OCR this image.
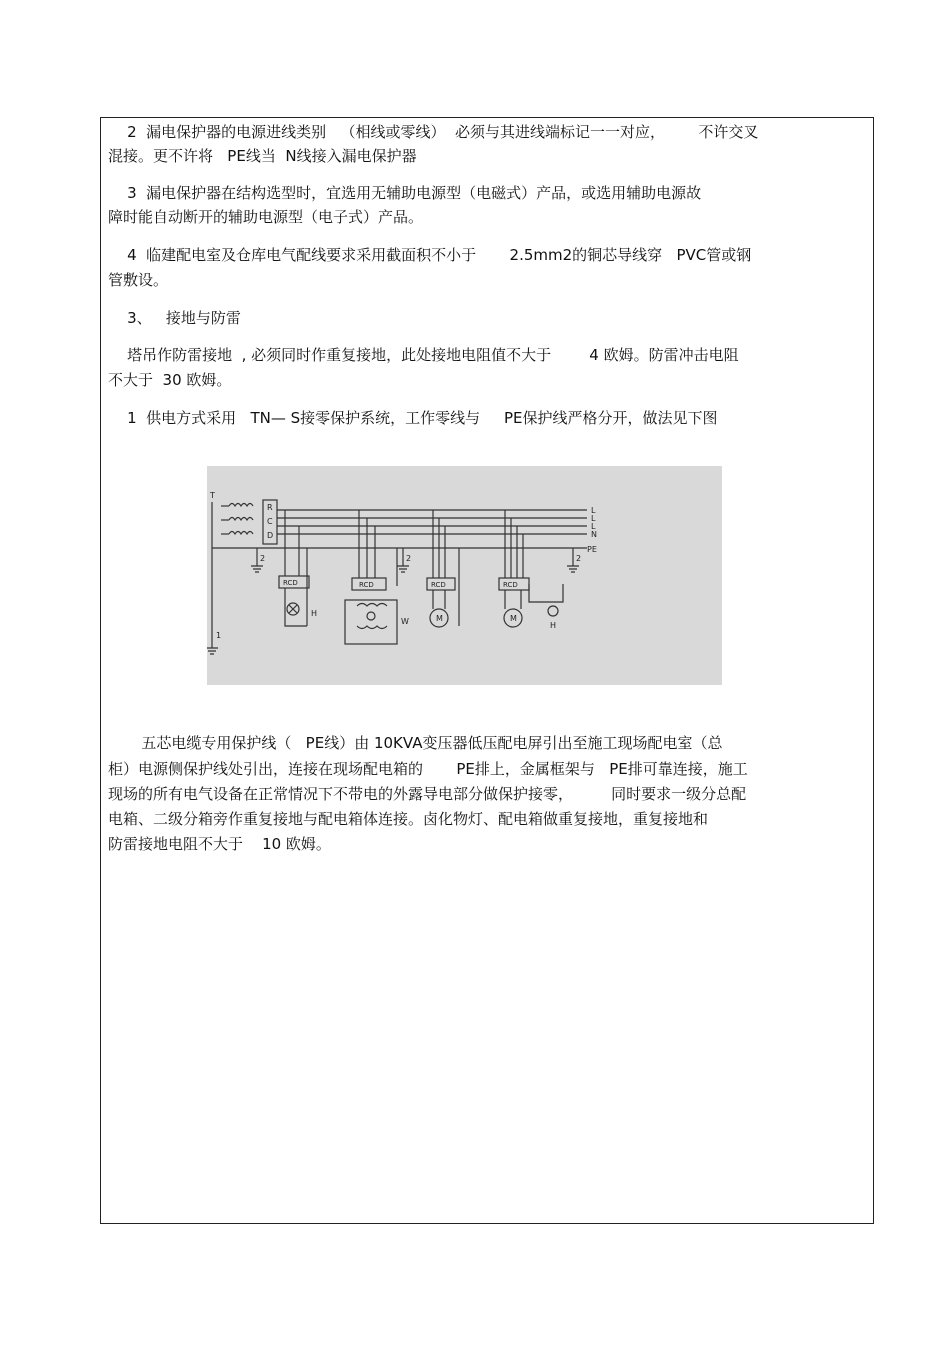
2  漏电保护器的电源进线类别   （相线或零线）  必须与其进线端标记一一对应，       不许交叉

混接。更不许将   PE线当  N线接入漏电保护器

3  漏电保护器在结构选型时，宜选用无辅助电源型（电磁式）产品，或选用辅助电源故

障时能自动断开的辅助电源型（电子式）产品。

4  临建配电室及仓库电气配线要求采用截面积不小于       2.5mm2的铜芯导线穿   PVC管或钢

管敷设。

3、   接地与防雷

塔吊作防雷接地  , 必须同时作重复接地，此处接地电阻值不大于        4 欧姆。防雷冲击电阻

不大于  30 欧姆。

1  供电方式采用   TN— S接零保护系统，工作零线与     PE保护线严格分开，做法见下图

T
R
C
D
L
L
L
N
PE
RCD	RCD	RCD	RCD
2	2	2
1
H
W	M	M
H

五芯电缆专用保护线（   PE线）由 10KVA变压器低压配电屏引出至施工现场配电室（总

柜）电源侧保护线处引出，连接在现场配电箱的       PE排上，金属框架与   PE排可靠连接，施工

现场的所有电气设备在正常情况下不带电的外露导电部分做保护接零，        同时要求一级分总配

电箱、二级分箱旁作重复接地与配电箱体连接。卤化物灯、配电箱做重复接地，重复接地和

防雷接地电阻不大于    10 欧姆。
